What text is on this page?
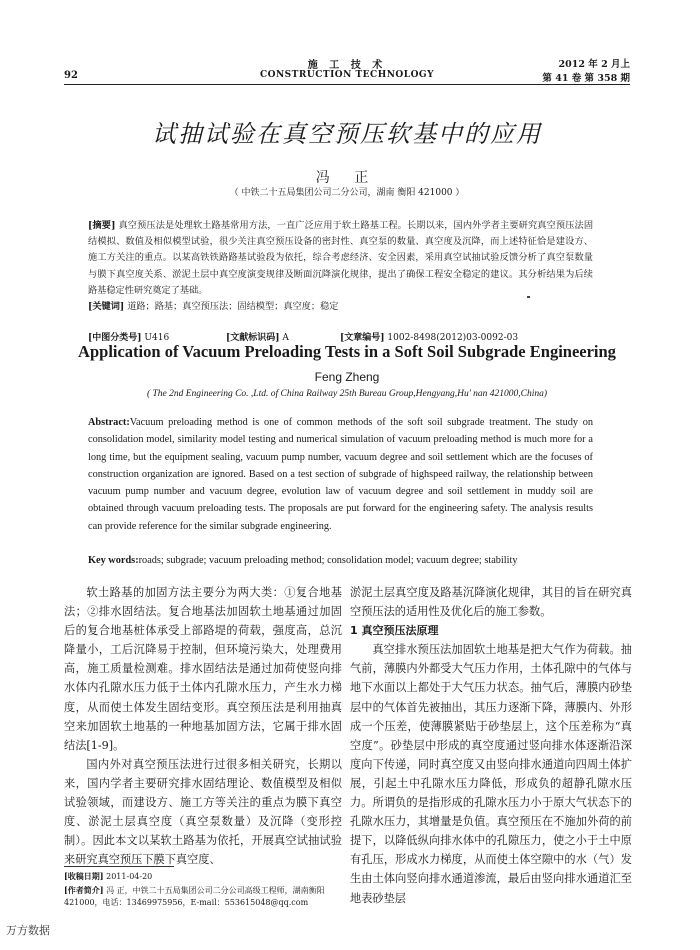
92
施 工 技 术
CONSTRUCTION TECHNOLOGY
2012 年 2 月上
第 41 卷 第 358 期
试抽试验在真空预压软基中的应用
冯 正
（ 中铁二十五局集团公司二分公司，湖南 衡阳 421000 ）
[摘要] 真空预压法是处理软土路基常用方法，一直广泛应用于软土路基工程。长期以来，国内外学者主要研究真空预压法固结模拟、数值及相似模型试验，很少关注真空预压设备的密封性、真空泵的数量、真空度及沉降，而上述特征恰是建设方、施工方关注的重点。以某高铁铁路路基试验段为依托，综合考虑经济、安全因素，采用真空试抽试验反馈分析了真空泵数量与膜下真空度关系、淤泥土层中真空度演变规律及断面沉降演化规律，提出了确保工程安全稳定的建议。其分析结果为后续路基稳定性研究奠定了基础。
[关键词] 道路；路基；真空预压法；固结模型；真空度；稳定
[中图分类号] U416	[文献标识码] A	[文章编号] 1002-8498(2012)03-0092-03
Application of Vacuum Preloading Tests in a Soft Soil Subgrade Engineering
Feng Zheng
( The 2nd Engineering Co. ,Ltd. of China Railway 25th Bureau Group,Hengyang,Hu' nan 421000,China)
Abstract:Vacuum preloading method is one of common methods of the soft soil subgrade treatment. The study on consolidation model, similarity model testing and numerical simulation of vacuum preloading method is much more for a long time, but the equipment sealing, vacuum pump number, vacuum degree and soil settlement which are the focuses of construction organization are ignored. Based on a test section of subgrade of highspeed railway, the relationship between vacuum pump number and vacuum degree, evolution law of vacuum degree and soil settlement in muddy soil are obtained through vacuum preloading tests. The proposals are put forward for the engineering safety. The analysis results can provide reference for the similar subgrade engineering.
Key words:roads; subgrade; vacuum preloading method; consolidation model; vacuum degree; stability

软土路基的加固方法主要分为两大类：①复合地基法；②排水固结法。复合地基法加固软土地基通过加固后的复合地基桩体承受上部路堤的荷载，强度高，总沉降量小，工后沉降易于控制，但环境污染大，处理费用高，施工质量检测难。排水固结法是通过加荷使竖向排水体内孔隙水压力低于土体内孔隙水压力，产生水力梯度，从而使土体发生固结变形。真空预压法是利用抽真空来加固软土地基的一种地基加固方法，它属于排水固结法[1-9]。

国内外对真空预压法进行过很多相关研究，长期以来，国内学者主要研究排水固结理论、数值模型及相似试验领域，而建设方、施工方等关注的重点为膜下真空度、淤泥土层真空度（真空泵数量）及沉降（变形控制）。因此本文以某软土路基为依托，开展真空试抽试验来研究真空预压下膜下真空度、

淤泥土层真空度及路基沉降演化规律，其目的旨在研究真空预压法的适用性及优化后的施工参数。

1 真空预压法原理

真空排水预压法加固软土地基是把大气作为荷载。抽气前，薄膜内外都受大气压力作用，土体孔隙中的气体与地下水面以上都处于大气压力状态。抽气后，薄膜内砂垫层中的气体首先被抽出，其压力逐渐下降，薄膜内、外形成一个压差，使薄膜紧贴于砂垫层上，这个压差称为“真空度”。砂垫层中形成的真空度通过竖向排水体逐渐沿深度向下传递，同时真空度又由竖向排水通道向四周土体扩展，引起土中孔隙水压力降低，形成负的超静孔隙水压力。所谓负的是指形成的孔隙水压力小于原大气状态下的孔隙水压力，其增量是负值。真空预压在不施加外荷的前提下，以降低纵向排水体中的孔隙压力，使之小于土中原有孔压，形成水力梯度，从而使土体空隙中的水（气）发生由土体向竖向排水通道渗流，最后由竖向排水通道汇至地表砂垫层

[收稿日期] 2011-04-20
[作者简介] 冯 正，中铁二十五局集团公司二分公司高级工程师，湖南衡阳 421000，电话：13469975956，E-mail：553615048@qq.com
万方数据
